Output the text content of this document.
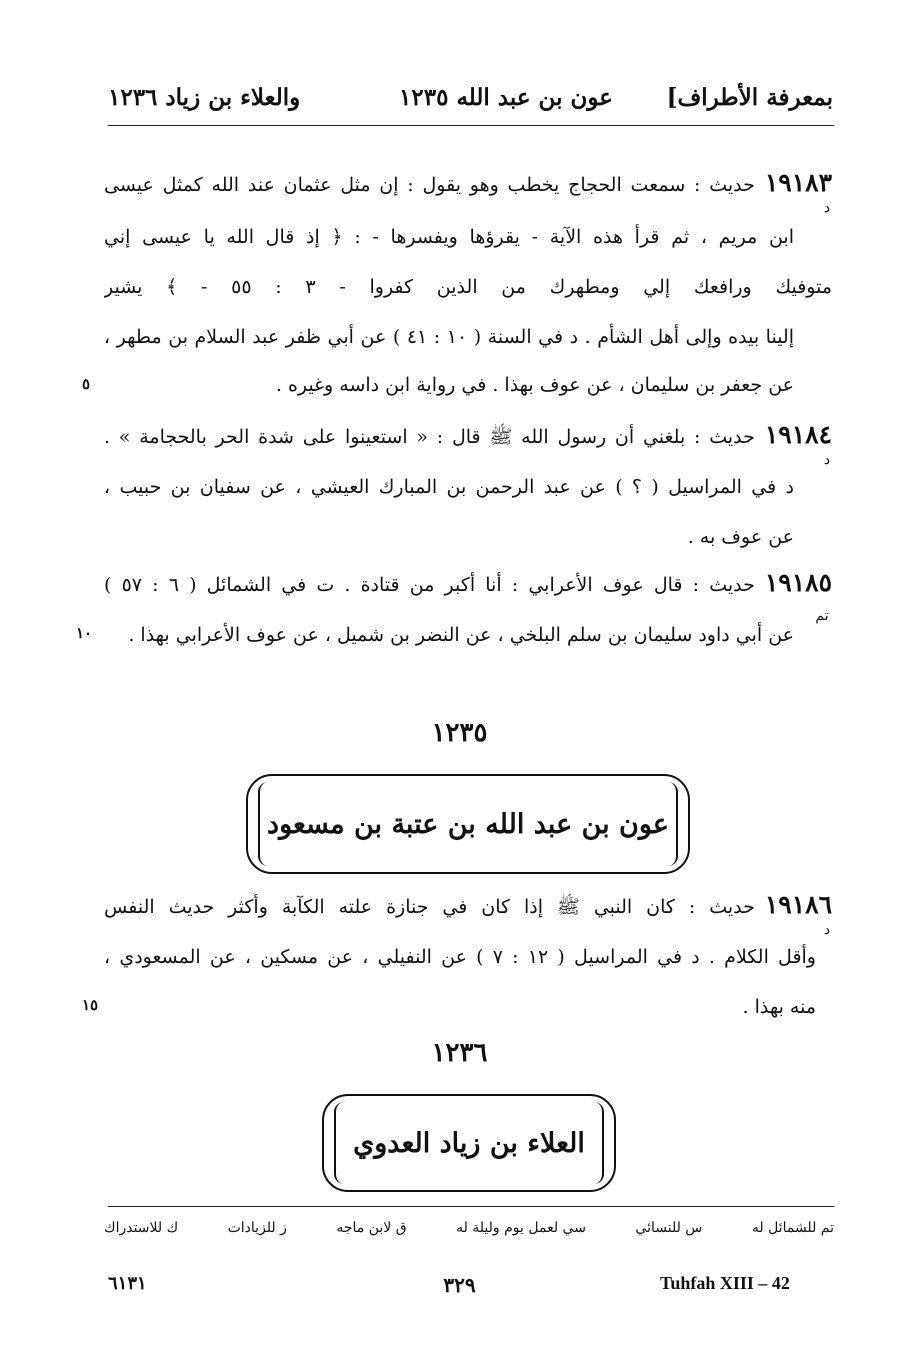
بمعرفة الأطراف]
عون بن عبد الله ١٢٣٥
والعلاء بن زياد ١٢٣٦
١٩١٨٣حديث : سمعت الحجاج يخطب وهو يقول : إن مثل عثمان عند الله كمثل عيسى
د
ابن مريم ، ثم قرأ هذه الآية - يقرؤها ويفسرها - : ﴿ إذ قال الله يا عيسى إني
متوفيك ورافعك إلي ومطهرك من الذين كفروا - ٣ : ٥٥ - ﴾ يشير
إلينا بيده وإلى أهل الشأم . د في السنة ( ١٠ : ٤١ ) عن أبي ظفر عبد السلام بن مطهر ،
عن جعفر بن سليمان ، عن عوف بهذا . في رواية ابن داسه وغيره .
٥
١٩١٨٤حديث : بلغني أن رسول الله ﷺ قال : « استعينوا على شدة الحر بالحجامة » .
د
د في المراسيل ( ؟ ) عن عبد الرحمن بن المبارك العيشي ، عن سفيان بن حبيب ،
عن عوف به .
١٩١٨٥حديث : قال عوف الأعرابي : أنا أكبر من قتادة . ت في الشمائل ( ٦ : ٥٧ )
تم
عن أبي داود سليمان بن سلم البلخي ، عن النضر بن شميل ، عن عوف الأعرابي بهذا .
١٠
١٢٣٥
عون بن عبد الله بن عتبة بن مسعود
١٩١٨٦حديث : كان النبي ﷺ إذا كان في جنازة علته الكآبة وأكثر حديث النفس
د
وأقل الكلام . د في المراسيل ( ١٢ : ٧ ) عن النفيلي ، عن مسكين ، عن المسعودي ،
منه بهذا .
١٥
١٢٣٦
العلاء بن زياد العدوي
تم للشمائل له
س للنسائي
سي لعمل يوم وليلة له
ق لابن ماجه
ز للزيادات
ك للاستدراك
Tuhfah XIII – 42
٣٢٩
٦١٣١
